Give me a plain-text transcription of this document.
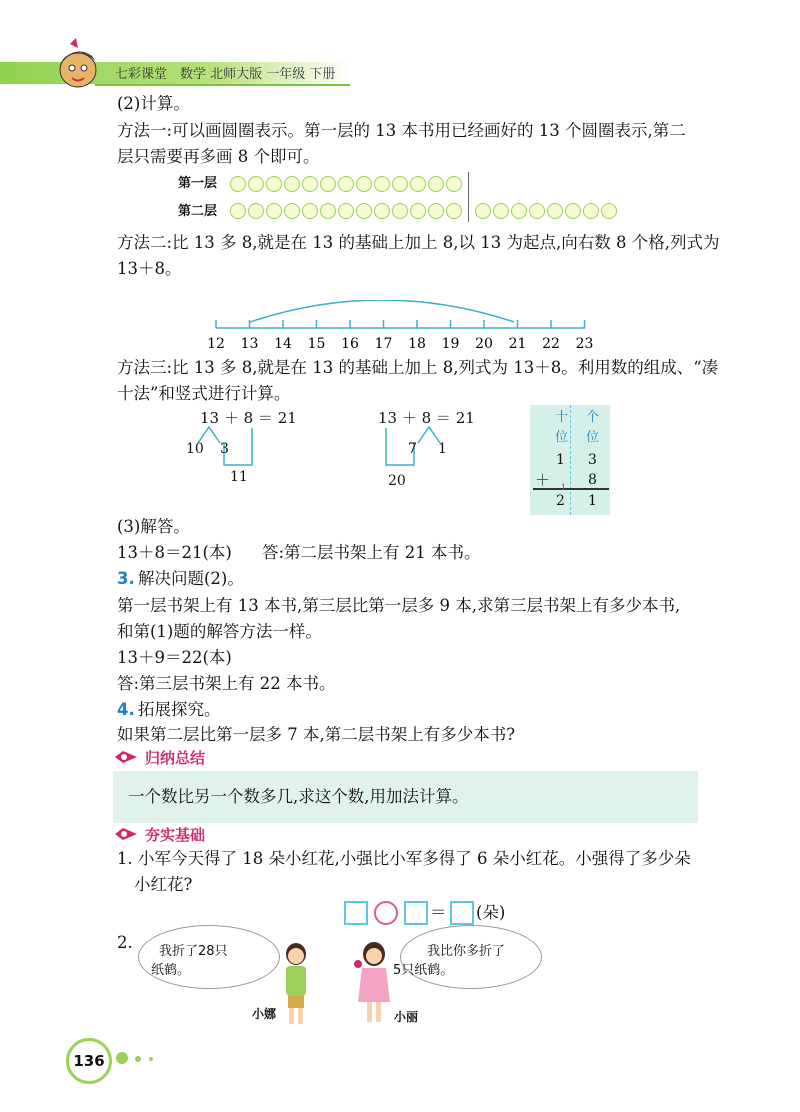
七彩课堂　数学 北师大版 一年级 下册
(2)计算。
方法一:可以画圆圈表示。第一层的 13 本书用已经画好的 13 个圆圈表示,第二
层只需要再多画 8 个即可。
第一层
第二层
方法二:比 13 多 8,就是在 13 的基础上加上 8,以 13 为起点,向右数 8 个格,列式为
13＋8。
12 13 14 15 16 17 18 19 20 21 22 23
方法三:比 13 多 8,就是在 13 的基础上加上 8,列式为 13＋8。利用数的组成、“凑
十法”和竖式进行计算。
13 ＋ 8 ＝ 21
10 3
11
13 ＋ 8 ＝ 21
7 1
20
十 个
位 位
1 3
＋ 1 8
2 1
(3)解答。
13＋8＝21(本) 答:第二层书架上有 21 本书。
3. 解决问题(2)。
第一层书架上有 13 本书,第三层比第一层多 9 本,求第三层书架上有多少本书,
和第(1)题的解答方法一样。
13＋9＝22(本)
答:第三层书架上有 22 本书。
4. 拓展探究。
如果第二层比第一层多 7 本,第二层书架上有多少本书?
归纳总结
一个数比另一个数多几,求这个数,用加法计算。
夯实基础
1. 小军今天得了 18 朵小红花,小强比小军多得了 6 朵小红花。小强得了多少朵
小红花?
＝ (朵)
2. 我折了28只
纸鹤。
我比你多折了
5只纸鹤。
小娜	小丽
136
